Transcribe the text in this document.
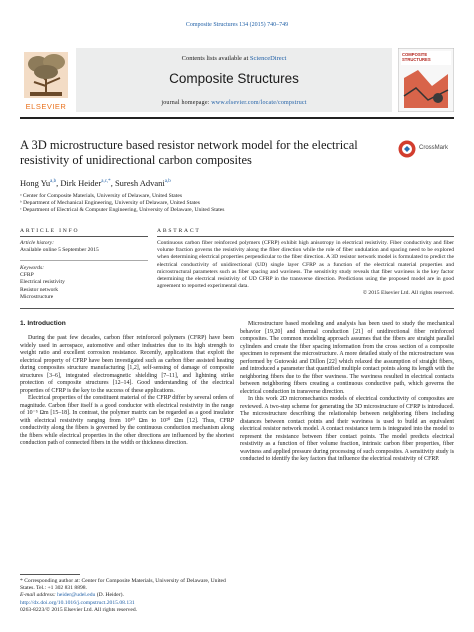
Composite Structures 134 (2015) 740–749
ELSEVIER
Contents lists available at ScienceDirect
Composite Structures
journal homepage: www.elsevier.com/locate/compstruct
COMPOSITE STRUCTURES
A 3D microstructure based resistor network model for the electrical resistivity of unidirectional carbon composites
CrossMark
Hong Yu$^{a,b}$, Dirk Heider$^{a,c,*}$, Suresh Advani$^{a,b}$
ᵃ Center for Composite Materials, University of Delaware, United States
ᵇ Department of Mechanical Engineering, University of Delaware, United States
ᶜ Department of Electrical & Computer Engineering, University of Delaware, United States
ARTICLE INFO	ABSTRACT
Article history:
Available online 5 September 2015
Keywords:
CFRP
Electrical resistivity
Resistor network
Microstructure
Continuous carbon fiber reinforced polymers (CFRP) exhibit high anisotropy in electrical resistivity. Fiber conductivity and fiber volume fraction governs the resistivity along the fiber direction while the role of fiber undulation and spacing need to be explored when determining electrical properties perpendicular to the fiber direction. A 3D resistor network model is formulated to predict the electrical conductivity of unidirectional (UD) single layer CFRP as a function of the electrical material properties and microstructural parameters such as fiber spacing and waviness. The sensitivity study reveals that fiber waviness is the key factor determining the electrical resistivity of UD CFRP in the transverse direction. Predictions using the proposed model are in good agreement to reported experimental data.
© 2015 Elsevier Ltd. All rights reserved.
1. Introduction

During the past few decades, carbon fiber reinforced polymers (CFRP) have been widely used in aerospace, automotive and other industries due to its high strength to weight ratio and excellent corrosion resistance. Recently, applications that exploit the electrical property of CFRP have been investigated such as carbon fiber assisted heating during composites structure manufacturing [1,2], self-sensing of damage of composite structures [3–6], integrated electromagnetic shielding [7–11], and lightning strike protection of composite structures [12–14]. Good understanding of the electrical properties of CFRP is the key to the success of these applications.

Electrical properties of the constituent material of the CFRP differ by several orders of magnitude. Carbon fiber itself is a good conductor with electrical resistivity in the range of 10⁻⁵ Ωm [15–18]. In contrast, the polymer matrix can be regarded as a good insulator with electrical resistivity ranging from 10¹⁰ Ωm to 10²⁰ Ωm [12]. Thus, CFRP conductivity along the fibers is governed by the continuous conduction mechanism along the fibers while electrical properties in the other directions are influenced by the shortest conduction path of connected fibers in the width or thickness direction.

Microstructure based modeling and analysis has been used to study the mechanical behavior [19,20] and thermal conduction [21] of unidirectional fiber reinforced composites. The common modeling approach assumes that the fibers are straight parallel cylinders and create the fiber spacing information from the cross section of a composite specimen to represent the microstructure. A more detailed study of the microstructure was performed by Gutowski and Dillon [22] which relaxed the assumption of straight fibers, and introduced a parameter that quantified multiple contact points along its length with the neighboring fibers due to the fiber waviness. The waviness resulted in electrical contacts between neighboring fibers creating a continuous conductive path, which governs the electrical conduction in transverse direction.

In this work 2D micromechanics models of electrical conductivity of composites are reviewed. A two-step scheme for generating the 3D microstructure of CFRP is introduced. The microstructure describing the relationship between neighboring fibers including distances between contact points and their waviness is used to build an equivalent electrical resistor network model. A contact resistance term is integrated into the model to represent the resistance between fiber contact points. The model predicts electrical resistivity as a function of fiber volume fraction, intrinsic carbon fiber properties, fiber waviness and applied pressure during processing of such composites. A sensitivity study is conducted to identify the key factors that influence the electrical resistivity of CFRP.

* Corresponding author at: Center for Composite Materials, University of Delaware, United States. Tel.: +1 302 831 8898.
E-mail address: heider@udel.edu (D. Heider).
http://dx.doi.org/10.1016/j.compstruct.2015.08.131
0263-8223/© 2015 Elsevier Ltd. All rights reserved.
